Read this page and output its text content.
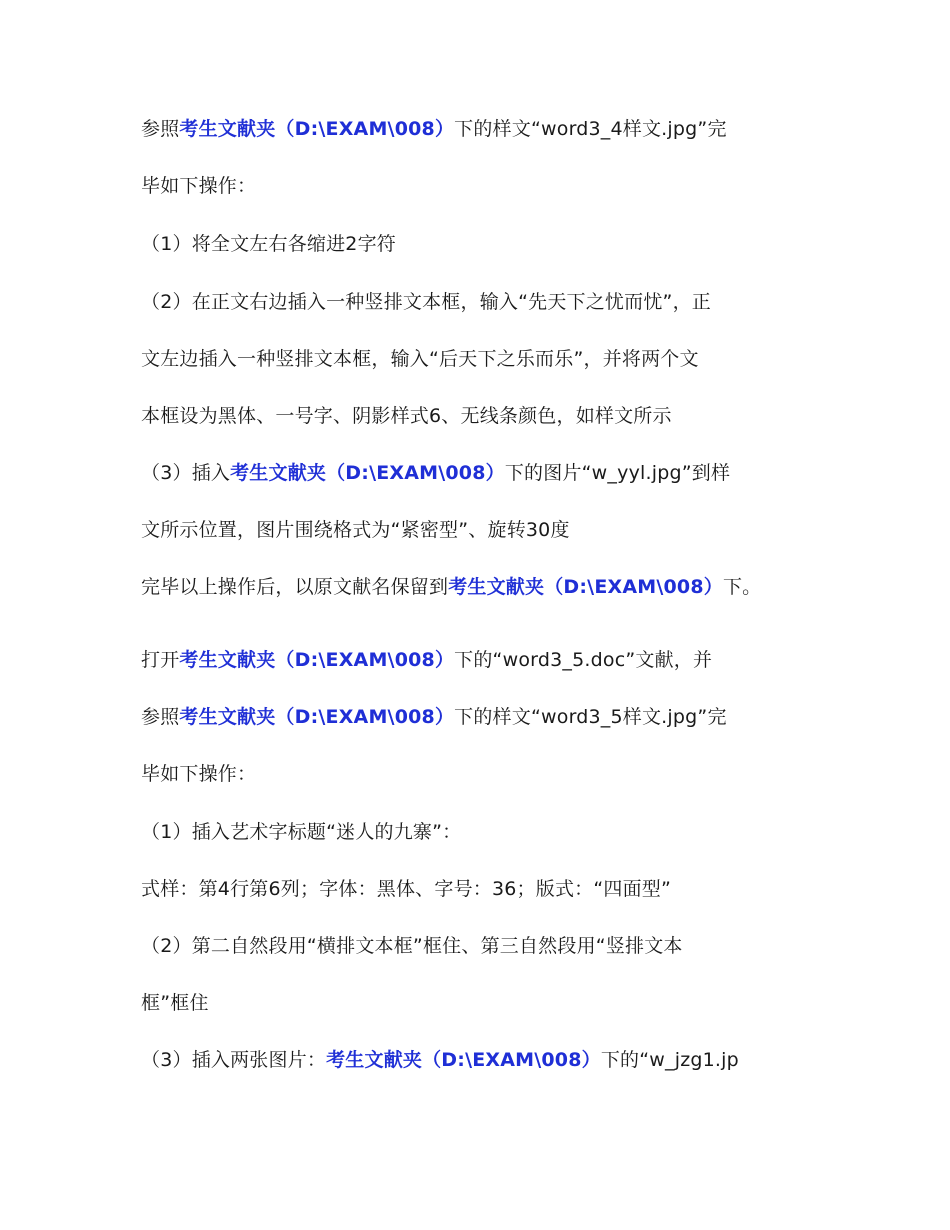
参照考生文献夹（D:\EXAM\008）下的样文“word3_4样文.jpg”完
毕如下操作：
（1）将全文左右各缩进2字符
（2）在正文右边插入一种竖排文本框，输入“先天下之忧而忧”，正
文左边插入一种竖排文本框，输入“后天下之乐而乐”，并将两个文
本框设为黑体、一号字、阴影样式6、无线条颜色，如样文所示
（3）插入考生文献夹（D:\EXAM\008）下的图片“w_yyl.jpg”到样
文所示位置，图片围绕格式为“紧密型”、旋转30度
完毕以上操作后，以原文献名保留到考生文献夹（D:\EXAM\008）下。
打开考生文献夹（D:\EXAM\008）下的“word3_5.doc”文献，并
参照考生文献夹（D:\EXAM\008）下的样文“word3_5样文.jpg”完
毕如下操作：
（1）插入艺术字标题“迷人的九寨”：
式样：第4行第6列；字体：黑体、字号：36；版式：“四面型”
（2）第二自然段用“横排文本框”框住、第三自然段用“竖排文本
框”框住
（3）插入两张图片：考生文献夹（D:\EXAM\008）下的“w_jzg1.jp
